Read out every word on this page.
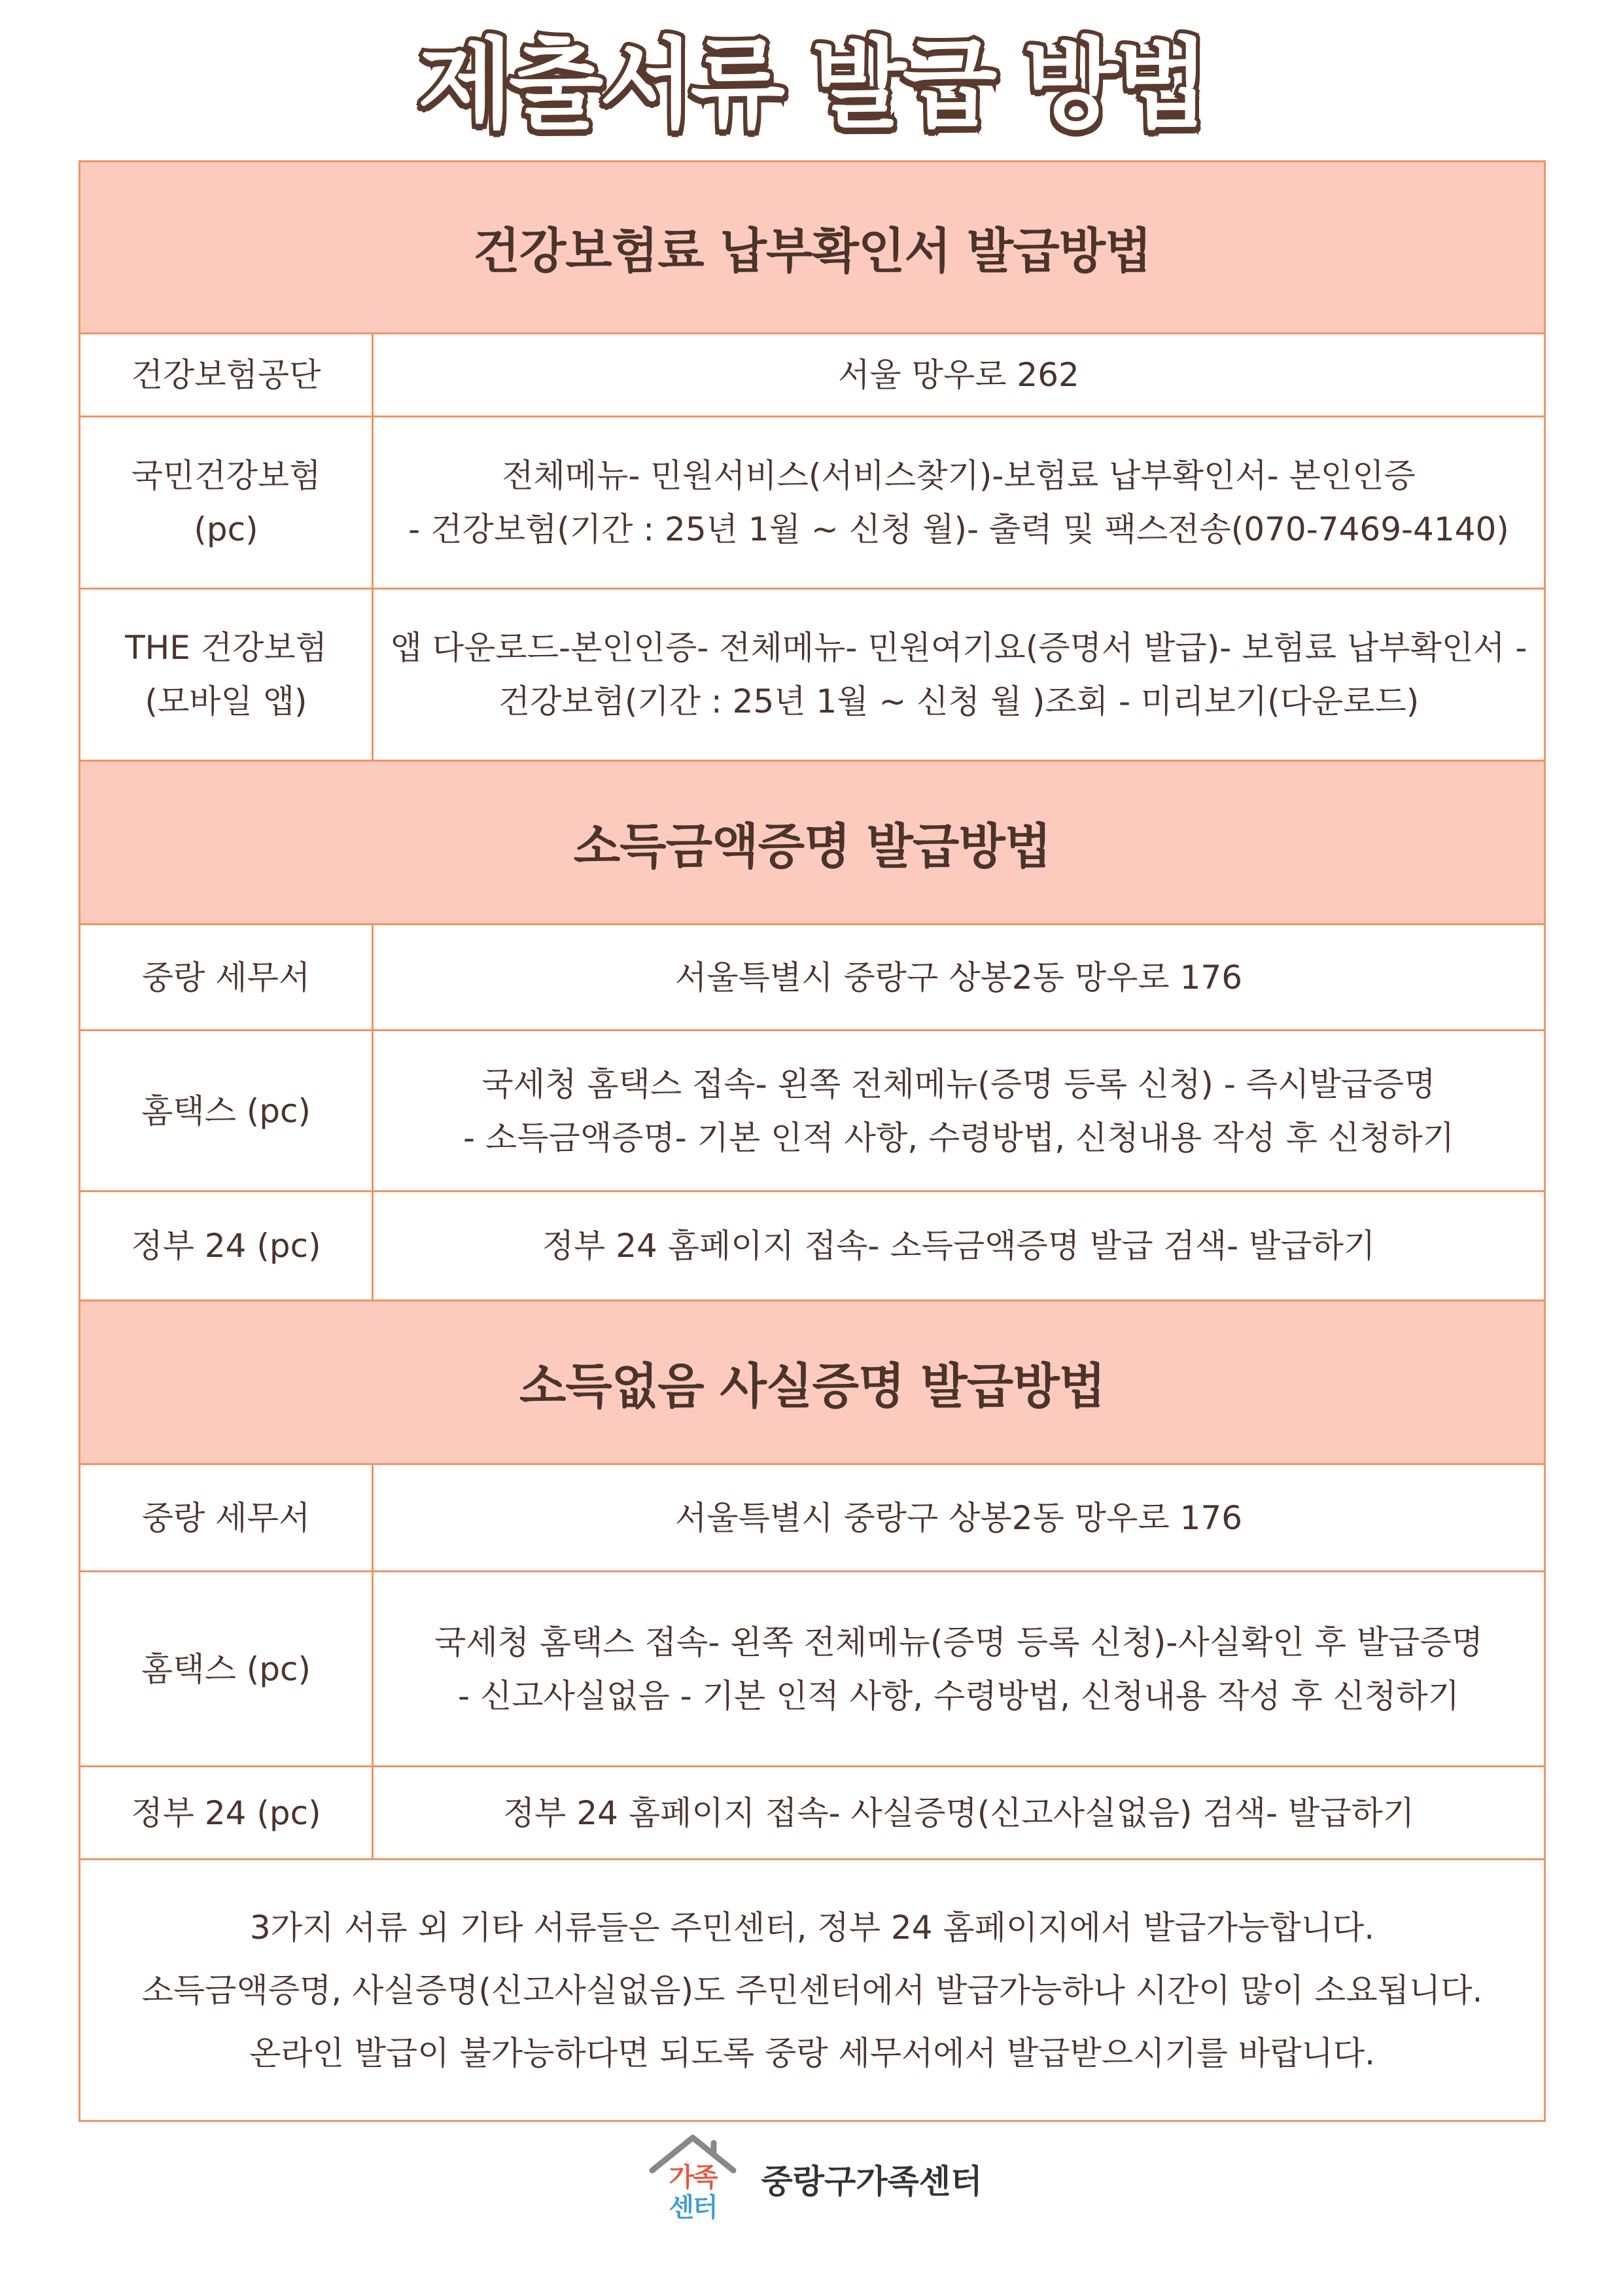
제출서류 발급 방법
건강보험료 납부확인서 발급방법	

건강보험공단	서울 망우로 262

국민건강보험
(pc)	전체메뉴- 민원서비스(서비스찾기)-보험료 납부확인서- 본인인증
- 건강보험(기간 : 25년 1월 ~ 신청 월)- 출력 및 팩스전송(070-7469-4140)

THE 건강보험
(모바일 앱)	앱 다운로드-본인인증- 전체메뉴- 민원여기요(증명서 발급)- 보험료 납부확인서 -
건강보험(기간 : 25년 1월 ~ 신청 월 )조회 - 미리보기(다운로드)

소득금액증명 발급방법	

중랑 세무서	서울특별시 중랑구 상봉2동 망우로 176

홈택스 (pc)	국세청 홈택스 접속- 왼쪽 전체메뉴(증명 등록 신청) - 즉시발급증명
- 소득금액증명- 기본 인적 사항, 수령방법, 신청내용 작성 후 신청하기

정부 24 (pc)	정부 24 홈페이지 접속- 소득금액증명 발급 검색- 발급하기

소득없음 사실증명 발급방법	

중랑 세무서	서울특별시 중랑구 상봉2동 망우로 176

홈택스 (pc)	국세청 홈택스 접속- 왼쪽 전체메뉴(증명 등록 신청)-사실확인 후 발급증명
- 신고사실없음 - 기본 인적 사항, 수령방법, 신청내용 작성 후 신청하기

정부 24 (pc)	정부 24 홈페이지 접속- 사실증명(신고사실없음) 검색- 발급하기

3가지 서류 외 기타 서류들은 주민센터, 정부 24 홈페이지에서 발급가능합니다.
소득금액증명, 사실증명(신고사실없음)도 주민센터에서 발급가능하나 시간이 많이 소요됩니다.
온라인 발급이 불가능하다면 되도록 중랑 세무서에서 발급받으시기를 바랍니다.	
가족
센터
중랑구가족센터
